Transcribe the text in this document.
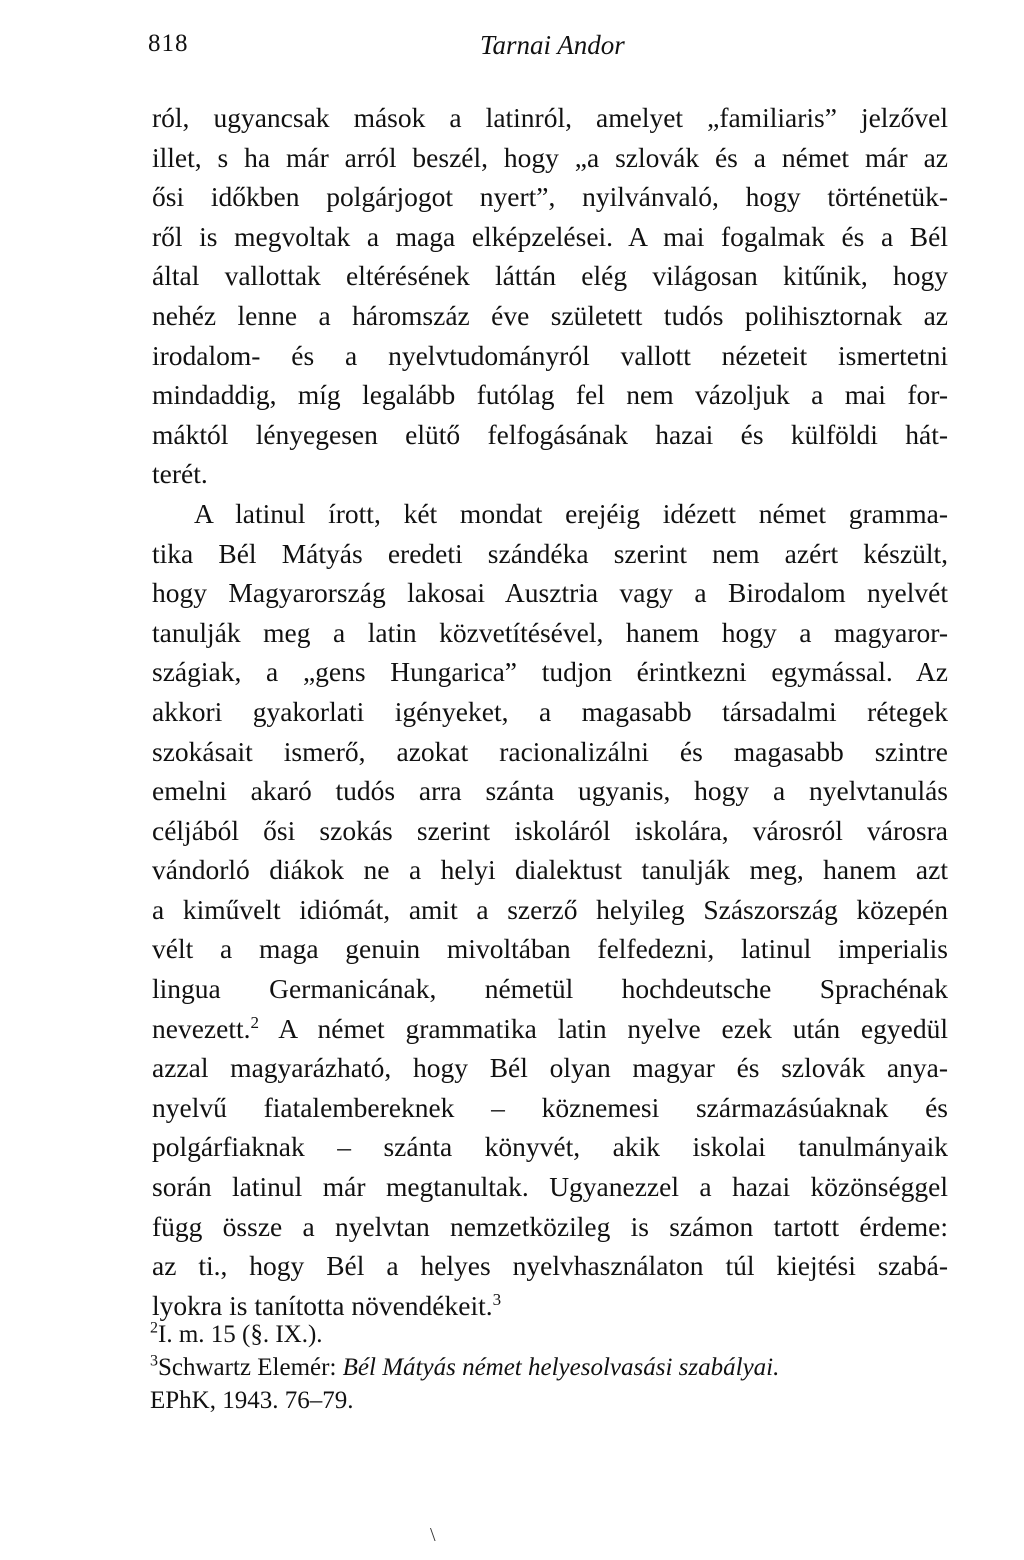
818	Tarnai Andor
ról, ugyancsak mások a latinról, amelyet „familiaris” jelzővel
illet, s ha már arról beszél, hogy „a szlovák és a német már az
ősi időkben polgárjogot nyert”, nyilvánvaló, hogy történetük-
ről is megvoltak a maga elképzelései. A mai fogalmak és a Bél
által vallottak eltérésének láttán elég világosan kitűnik, hogy
nehéz lenne a háromszáz éve született tudós polihisztornak az
irodalom- és a nyelvtudományról vallott nézeteit ismertetni
mindaddig, míg legalább futólag fel nem vázoljuk a mai for-
máktól lényegesen elütő felfogásának hazai és külföldi hát-
terét.
A latinul írott, két mondat erejéig idézett német gramma-
tika Bél Mátyás eredeti szándéka szerint nem azért készült,
hogy Magyarország lakosai Ausztria vagy a Birodalom nyelvét
tanulják meg a latin közvetítésével, hanem hogy a magyaror-
szágiak, a „gens Hungarica” tudjon érintkezni egymással. Az
akkori gyakorlati igényeket, a magasabb társadalmi rétegek
szokásait ismerő, azokat racionalizálni és magasabb szintre
emelni akaró tudós arra szánta ugyanis, hogy a nyelvtanulás
céljából ősi szokás szerint iskoláról iskolára, városról városra
vándorló diákok ne a helyi dialektust tanulják meg, hanem azt
a kiművelt idiómát, amit a szerző helyileg Szászország közepén
vélt a maga genuin mivoltában felfedezni, latinul imperialis
lingua Germanicának, németül hochdeutsche Sprachénak
nevezett.$^2$ A német grammatika latin nyelve ezek után egyedül
azzal magyarázható, hogy Bél olyan magyar és szlovák anya-
nyelvű fiatalembereknek – köznemesi származásúaknak és
polgárfiaknak – szánta könyvét, akik iskolai tanulmányaik
során latinul már megtanultak. Ugyanezzel a hazai közönséggel
függ össze a nyelvtan nemzetközileg is számon tartott érdeme:
az ti., hogy Bél a helyes nyelvhasználaton túl kiejtési szabá-
lyokra is tanította növendékeit.$^3$
$^2$I. m. 15 (§. IX.).
$^3$Schwartz Elemér: Bél Mátyás német helyesolvasási szabályai.
EPhK, 1943. 76–79.
\
